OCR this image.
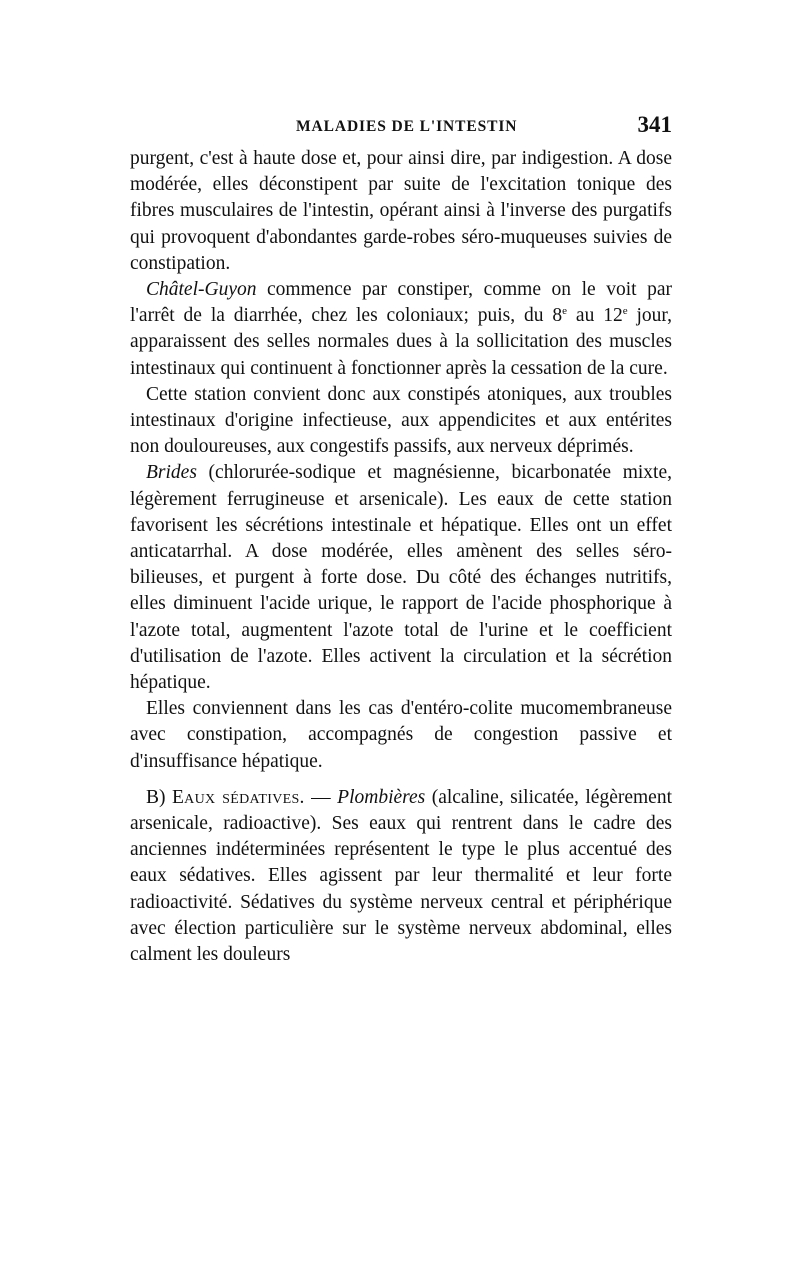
MALADIES DE L'INTESTIN	341

purgent, c'est à haute dose et, pour ainsi dire, par indigestion. A dose modérée, elles déconstipent par suite de l'excitation tonique des fibres musculaires de l'intestin, opérant ainsi à l'inverse des purgatifs qui provoquent d'abondantes garde-robes séro-muqueuses suivies de constipation.

Châtel-Guyon commence par constiper, comme on le voit par l'arrêt de la diarrhée, chez les coloniaux; puis, du 8e au 12e jour, apparaissent des selles normales dues à la sollicitation des muscles intestinaux qui continuent à fonctionner après la cessation de la cure.

Cette station convient donc aux constipés atoniques, aux troubles intestinaux d'origine infectieuse, aux appendicites et aux entérites non douloureuses, aux congestifs passifs, aux nerveux déprimés.

Brides (chlorurée-sodique et magnésienne, bicarbonatée mixte, légèrement ferrugineuse et arsenicale). Les eaux de cette station favorisent les sécrétions intestinale et hépatique. Elles ont un effet anticatarrhal. A dose modérée, elles amènent des selles séro-bilieuses, et purgent à forte dose. Du côté des échanges nutritifs, elles diminuent l'acide urique, le rapport de l'acide phosphorique à l'azote total, augmentent l'azote total de l'urine et le coefficient d'utilisation de l'azote. Elles activent la circulation et la sécrétion hépatique.

Elles conviennent dans les cas d'entéro-colite mucomembraneuse avec constipation, accompagnés de congestion passive et d'insuffisance hépatique.

B) Eaux sédatives. — Plombières (alcaline, silicatée, légèrement arsenicale, radioactive). Ses eaux qui rentrent dans le cadre des anciennes indéterminées représentent le type le plus accentué des eaux sédatives. Elles agissent par leur thermalité et leur forte radioactivité. Sédatives du système nerveux central et périphérique avec élection particulière sur le système nerveux abdominal, elles calment les douleurs
